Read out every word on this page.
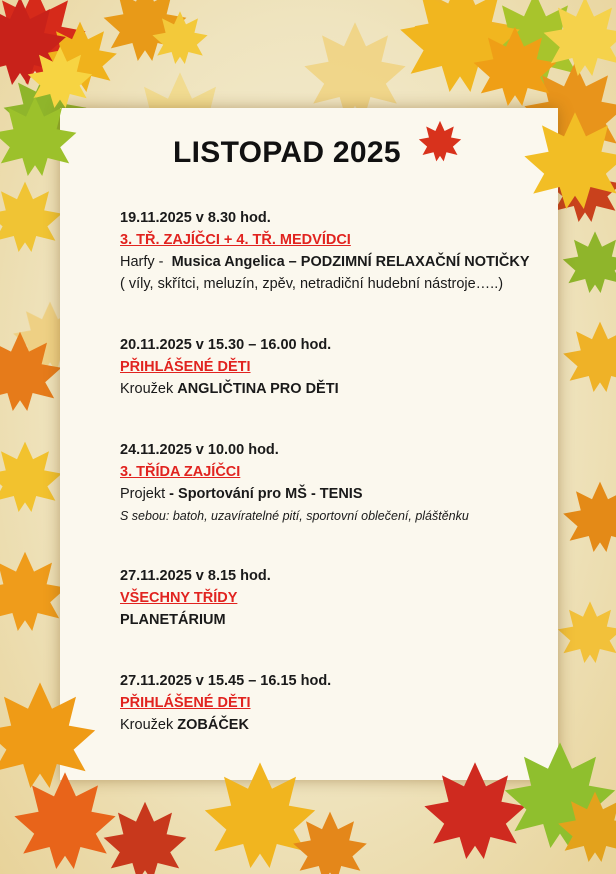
LISTOPAD 2025
19.11.2025 v 8.30 hod.
3. TŘ. ZAJÍČCI + 4. TŘ. MEDVÍDCI
Harfy -  Musica Angelica – PODZIMNÍ RELAXAČNÍ NOTIČKY
( víly, skřítci, meluzín, zpěv, netradiční hudební nástroje…..)
20.11.2025 v 15.30 – 16.00 hod.
PŘIHLÁŠENÉ DĚTI
Kroužek ANGLIČTINA PRO DĚTI
24.11.2025 v 10.00 hod.
3. TŘÍDA ZAJÍČCI
Projekt - Sportování pro MŠ - TENIS
S sebou: batoh, uzavíratelné pití, sportovní oblečení, pláštěnku
27.11.2025 v 8.15 hod.
VŠECHNY TŘÍDY
PLANETÁRIUM
27.11.2025 v 15.45 – 16.15 hod.
PŘIHLÁŠENÉ DĚTI
Kroužek ZOBÁČEK
